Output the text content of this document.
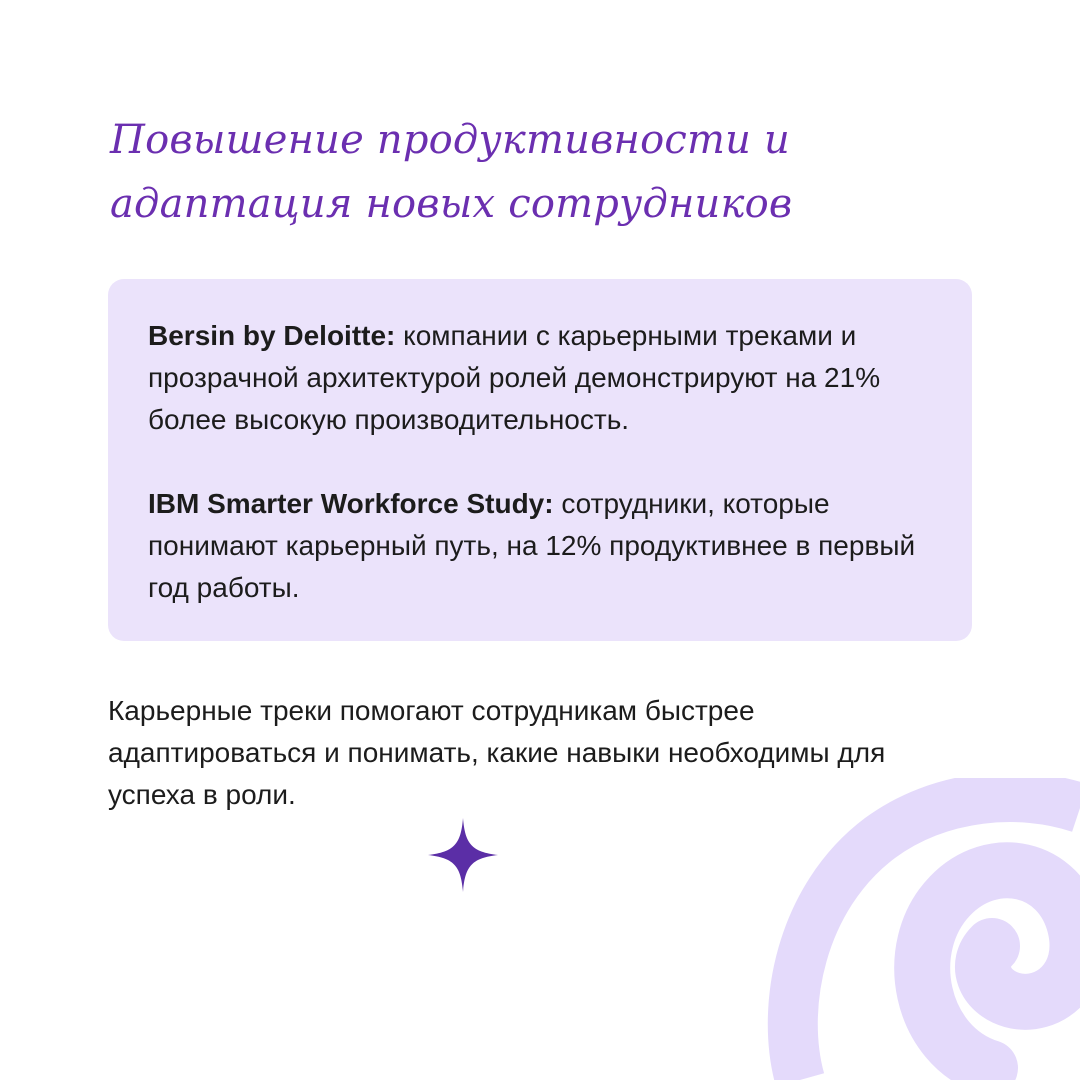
Повышение продуктивности и адаптация новых сотрудников

Bersin by Deloitte: компании с карьерными треками и прозрачной архитектурой ролей демонстрируют на 21% более высокую производительность.

IBM Smarter Workforce Study: сотрудники, которые понимают карьерный путь, на 12% продуктивнее в первый год работы.

Карьерные треки помогают сотрудникам быстрее адаптироваться и понимать, какие навыки необходимы для успеха в роли.
